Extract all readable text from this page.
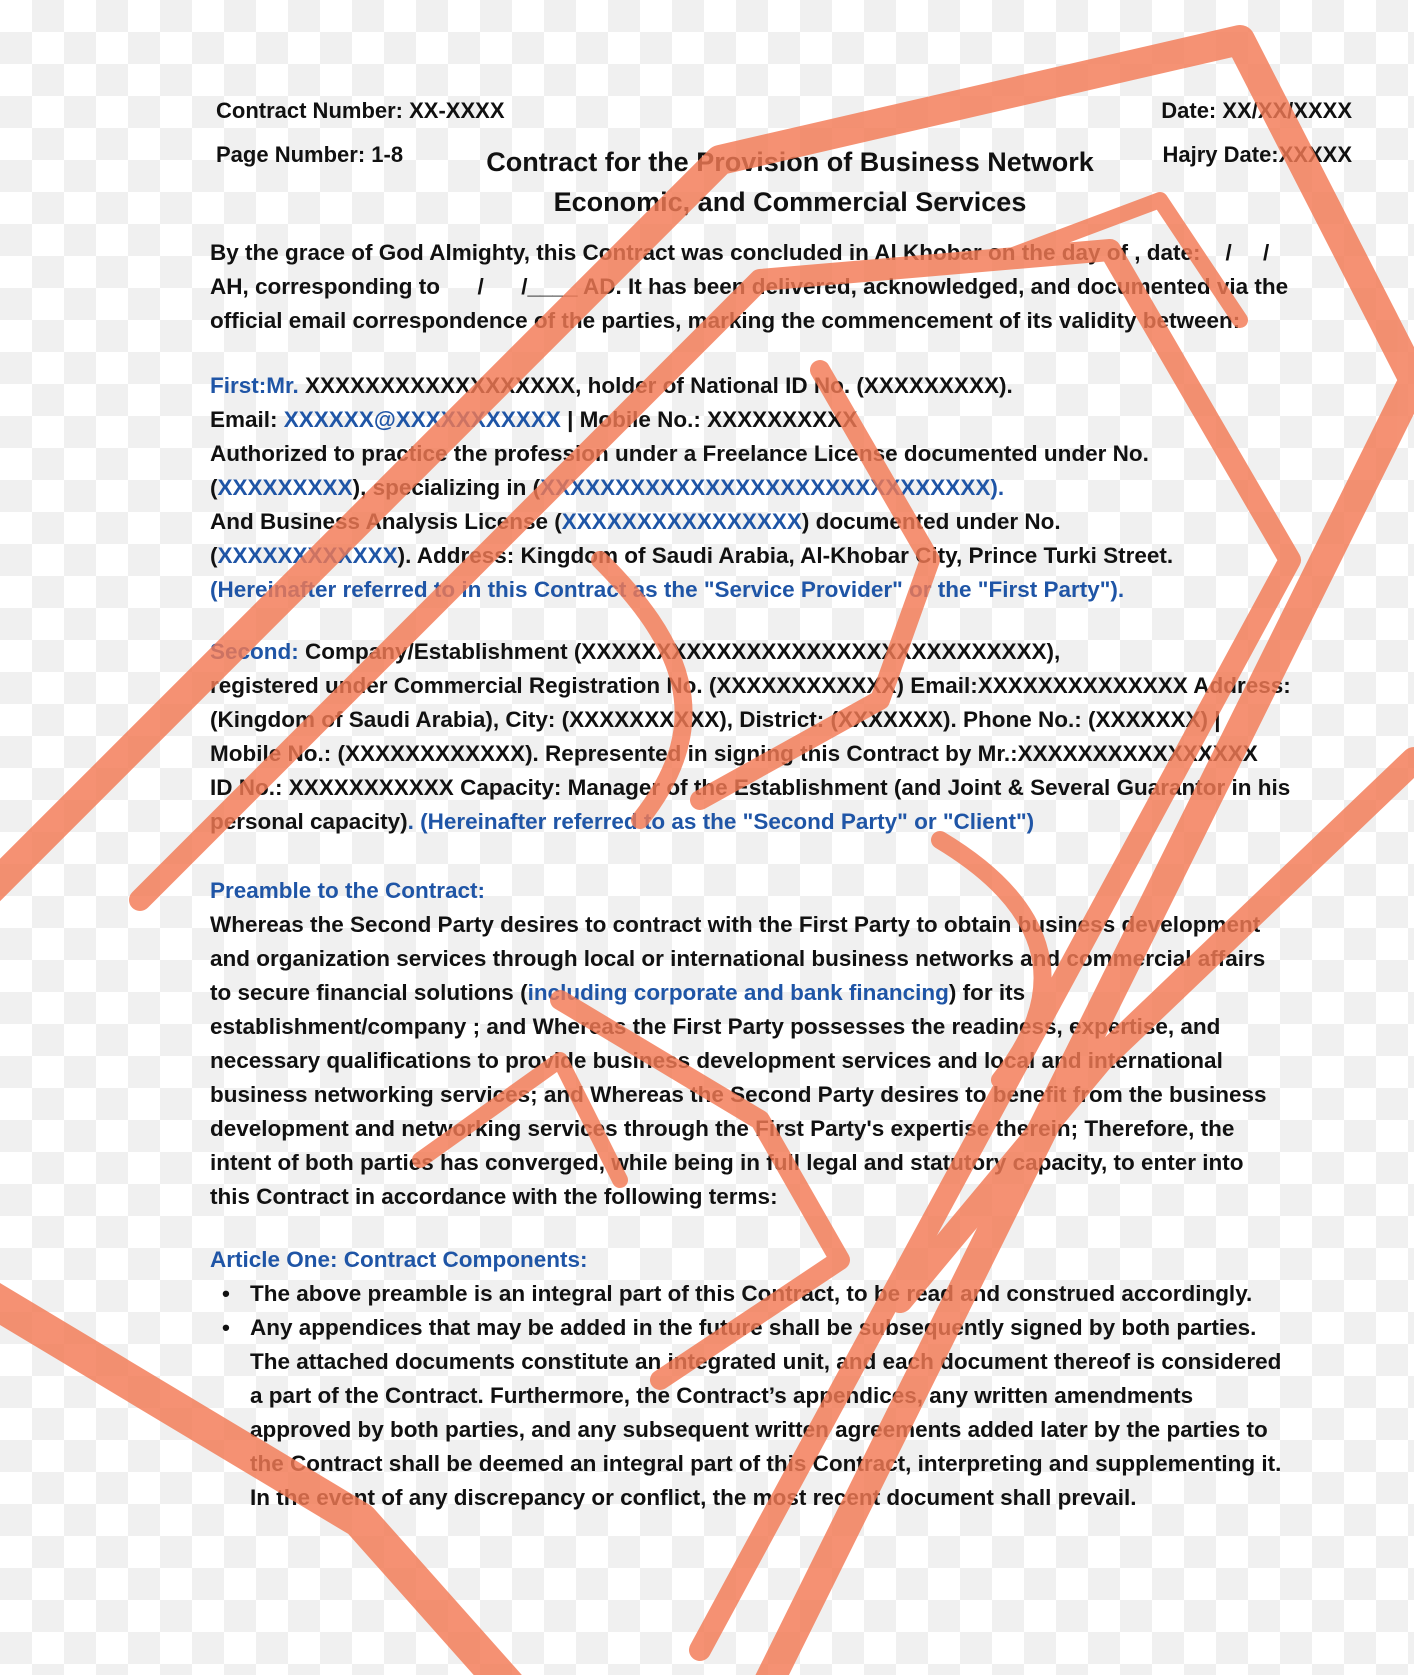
Contract Number: XX-XXXX	Date: XX/XX/XXXX
Page Number: 1-8	Hajry Date:XXXXX
Contract for the Provision of Business Network
Economic, and Commercial Services
By the grace of God Almighty, this Contract was concluded in Al Khobar on the day of , date:    /     /
AH, corresponding to      /      /____ AD. It has been delivered, acknowledged, and documented via the
official email correspondence of the parties, marking the commencement of its validity between:
First:Mr. XXXXXXXXXXXXXXXXXX, holder of National ID No. (XXXXXXXXX).
Email: XXXXXX@XXXXXXXXXXX | Mobile No.: XXXXXXXXXX
Authorized to practice the profession under a Freelance License documented under No.
(XXXXXXXXX), specializing in (XXXXXXXXXXXXXXXXXXXXXXXXXXXXXX).
And Business Analysis License (XXXXXXXXXXXXXXXX) documented under No.
(XXXXXXXXXXXX). Address: Kingdom of Saudi Arabia, Al-Khobar City, Prince Turki Street.
(Hereinafter referred to in this Contract as the "Service Provider" or the "First Party").
Second: Company/Establishment (XXXXXXXXXXXXXXXXXXXXXXXXXXXXXXX),
registered under Commercial Registration No. (XXXXXXXXXXXX) Email:XXXXXXXXXXXXXX Address:
(Kingdom of Saudi Arabia), City: (XXXXXXXXXX), District: (XXXXXXX). Phone No.: (XXXXXXX) |
Mobile No.: (XXXXXXXXXXXX). Represented in signing this Contract by Mr.:XXXXXXXXXXXXXXXX
ID No.: XXXXXXXXXXX Capacity: Manager of the Establishment (and Joint & Several Guarantor in his
personal capacity). (Hereinafter referred to as the "Second Party" or "Client")
Preamble to the Contract:
Whereas the Second Party desires to contract with the First Party to obtain business development
and organization services through local or international business networks and commercial affairs
to secure financial solutions (including corporate and bank financing) for its
establishment/company ; and Whereas the First Party possesses the readiness, expertise, and
necessary qualifications to provide business development services and local and international
business networking services; and Whereas the Second Party desires to benefit from the business
development and networking services through the First Party's expertise therein; Therefore, the
intent of both parties has converged, while being in full legal and statutory capacity, to enter into
this Contract in accordance with the following terms:
Article One: Contract Components:
• The above preamble is an integral part of this Contract, to be read and construed accordingly.
• Any appendices that may be added in the future shall be subsequently signed by both parties.
The attached documents constitute an integrated unit, and each document thereof is considered
a part of the Contract. Furthermore, the Contract’s appendices, any written amendments
approved by both parties, and any subsequent written agreements added later by the parties to
the Contract shall be deemed an integral part of this Contract, interpreting and supplementing it.
In the event of any discrepancy or conflict, the most recent document shall prevail.
